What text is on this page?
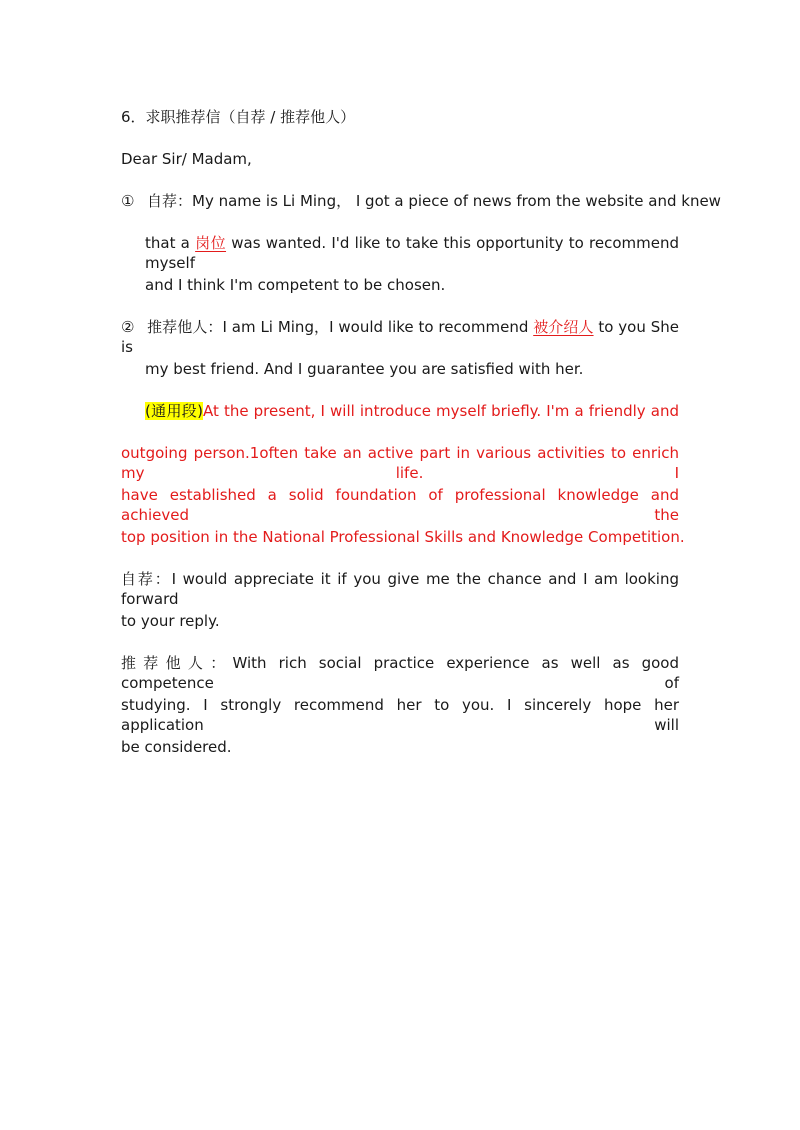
6．求职推荐信（自荐 / 推荐他人）
Dear Sir/ Madam,
① 自荐：My name is Li Ming， I got a piece of news from the website and knew
that a 岗位 was wanted. I'd like to take this opportunity to recommend myself
and I think I'm competent to be chosen.
② 推荐他人：I am Li Ming，I would like to recommend 被介绍人 to you She is
my best friend. And I guarantee you are satisfied with her.
(通用段)At the present, I will introduce myself briefly. I'm a friendly and
outgoing person.1often take an active part in various activities to enrich my life. I
have established a solid foundation of professional knowledge and achieved the
top position in the National Professional Skills and Knowledge Competition.
自荐：I would appreciate it if you give me the chance and I am looking forward
to your reply.
推荐他人：With rich social practice experience as well as good competence of
studying. I strongly recommend her to you. I sincerely hope her application will
be considered.
